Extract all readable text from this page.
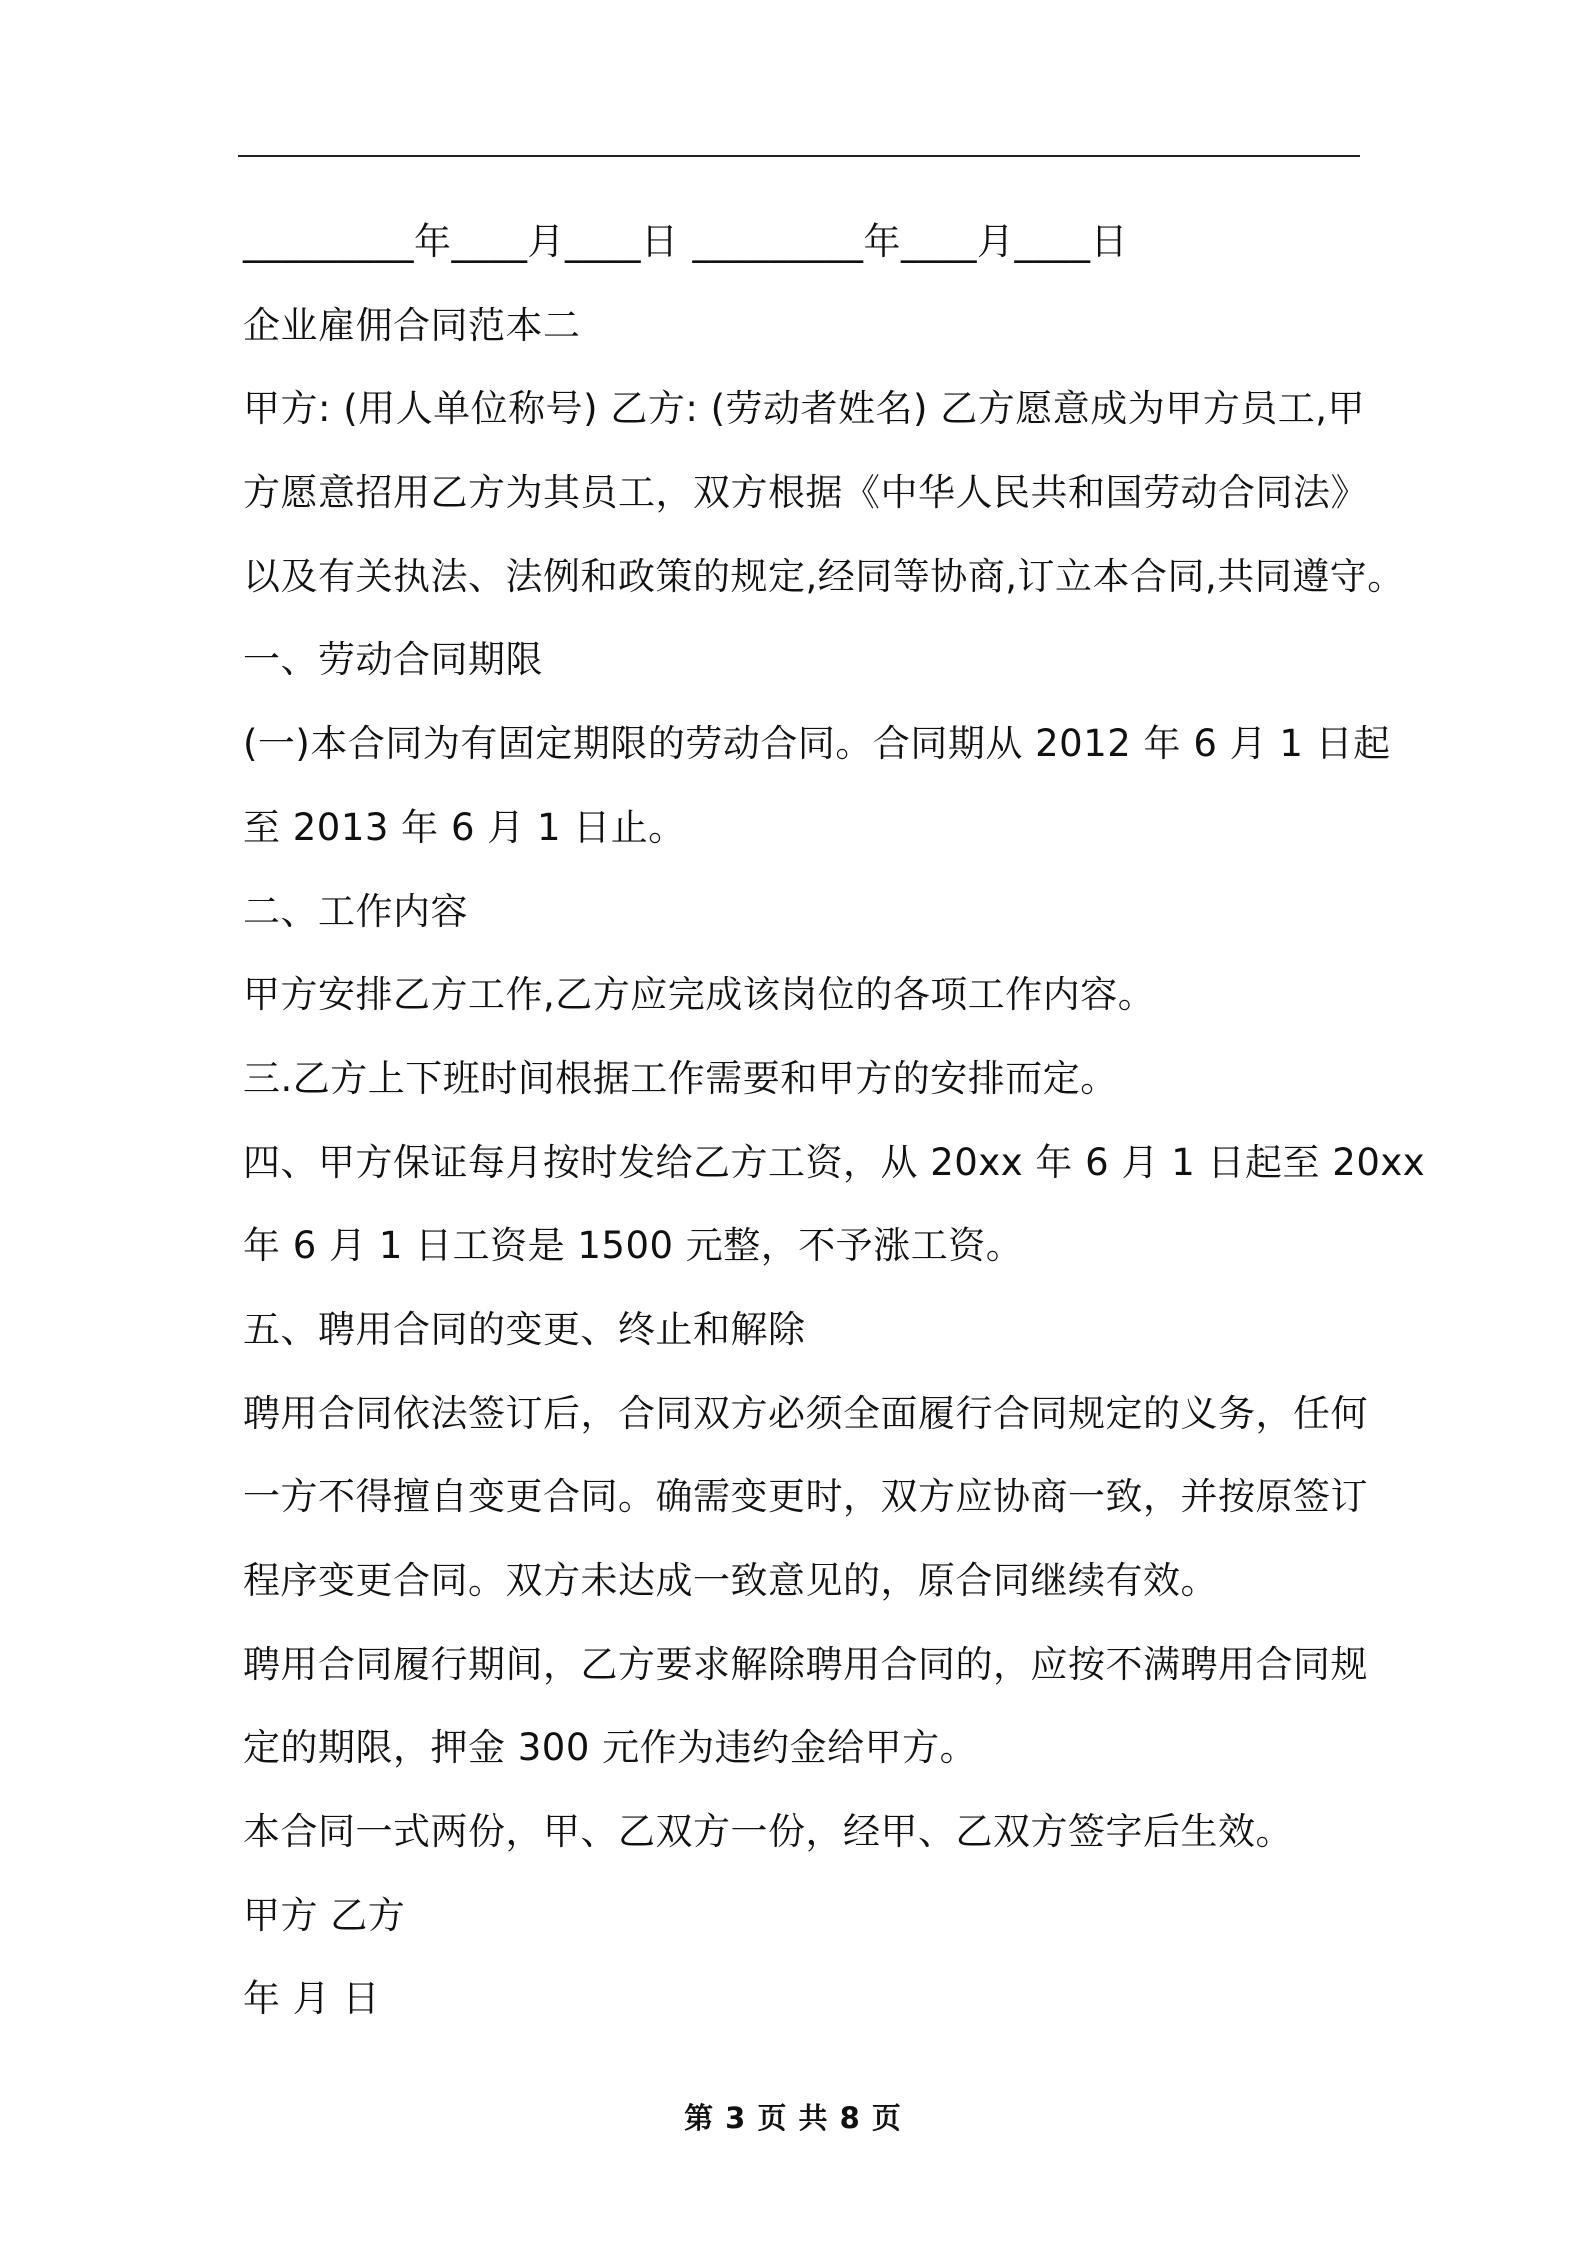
_________年____月____日 _________年____月____日
企业雇佣合同范本二
甲方: (用人单位称号) 乙方: (劳动者姓名) 乙方愿意成为甲方员工,甲
方愿意招用乙方为其员工，双方根据《中华人民共和国劳动合同法》
以及有关执法、法例和政策的规定,经同等协商,订立本合同,共同遵守。
一、劳动合同期限
(一)本合同为有固定期限的劳动合同。合同期从 2012 年 6 月 1 日起
至 2013 年 6 月 1 日止。
二、工作内容
甲方安排乙方工作,乙方应完成该岗位的各项工作内容。
三.乙方上下班时间根据工作需要和甲方的安排而定。
四、甲方保证每月按时发给乙方工资，从 20xx 年 6 月 1 日起至 20xx
年 6 月 1 日工资是 1500 元整，不予涨工资。
五、聘用合同的变更、终止和解除
聘用合同依法签订后，合同双方必须全面履行合同规定的义务，任何
一方不得擅自变更合同。确需变更时，双方应协商一致，并按原签订
程序变更合同。双方未达成一致意见的，原合同继续有效。
聘用合同履行期间，乙方要求解除聘用合同的，应按不满聘用合同规
定的期限，押金 300 元作为违约金给甲方。
本合同一式两份，甲、乙双方一份，经甲、乙双方签字后生效。
甲方 乙方
年 月 日
第 3 页 共 8 页
